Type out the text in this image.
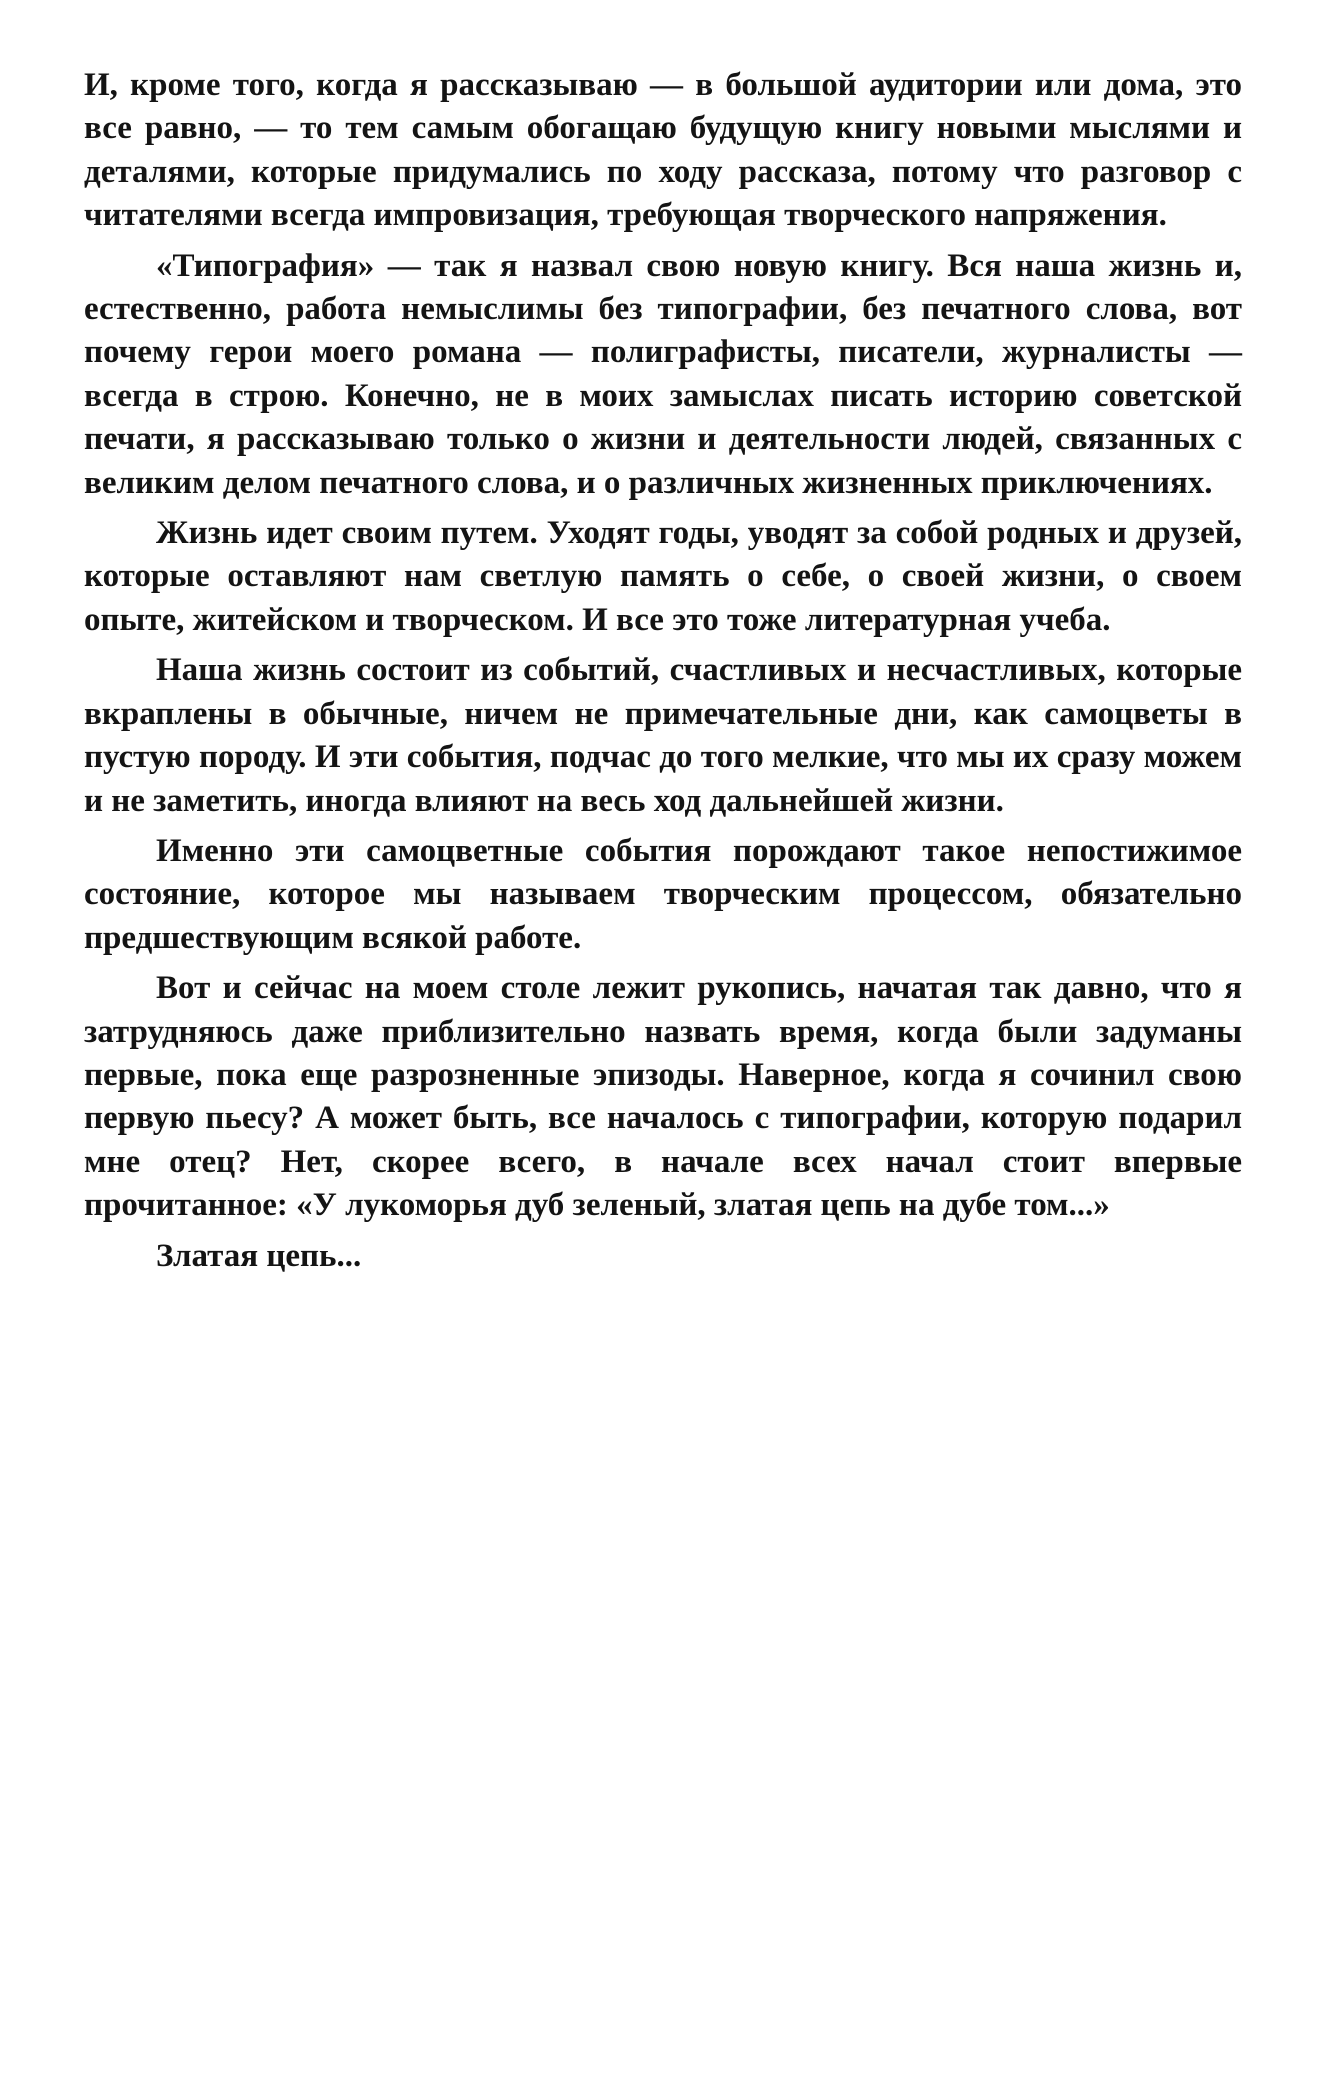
И, кроме того, когда я рассказываю — в большой аудитории или дома, это все равно, — то тем самым обогащаю будущую книгу новыми мыслями и деталями, которые придумались по ходу рассказа, потому что разговор с читателями всегда импровизация, требующая творческого напряжения.

«Типография» — так я назвал свою новую книгу. Вся наша жизнь и, естественно, работа немыслимы без типографии, без печатного слова, вот почему герои моего романа — полиграфисты, писатели, журналисты — всегда в строю. Конечно, не в моих замыслах писать историю советской печати, я рассказываю только о жизни и деятельности людей, связанных с великим делом печатного слова, и о различных жизненных приключениях.

Жизнь идет своим путем. Уходят годы, уводят за собой родных и друзей, которые оставляют нам светлую память о себе, о своей жизни, о своем опыте, житейском и творческом. И все это тоже литературная учеба.

Наша жизнь состоит из событий, счастливых и несчастливых, которые вкраплены в обычные, ничем не примечательные дни, как самоцветы в пустую породу. И эти события, подчас до того мелкие, что мы их сразу можем и не заметить, иногда влияют на весь ход дальнейшей жизни.

Именно эти самоцветные события порождают такое непостижимое состояние, которое мы называем творческим процессом, обязательно предшествующим всякой работе.

Вот и сейчас на моем столе лежит рукопись, начатая так давно, что я затрудняюсь даже приблизительно назвать время, когда были задуманы первые, пока еще разрозненные эпизоды. Наверное, когда я сочинил свою первую пьесу? А может быть, все началось с типографии, которую подарил мне отец? Нет, скорее всего, в начале всех начал стоит впервые прочитанное: «У лукоморья дуб зеленый, златая цепь на дубе том...»

Златая цепь...
